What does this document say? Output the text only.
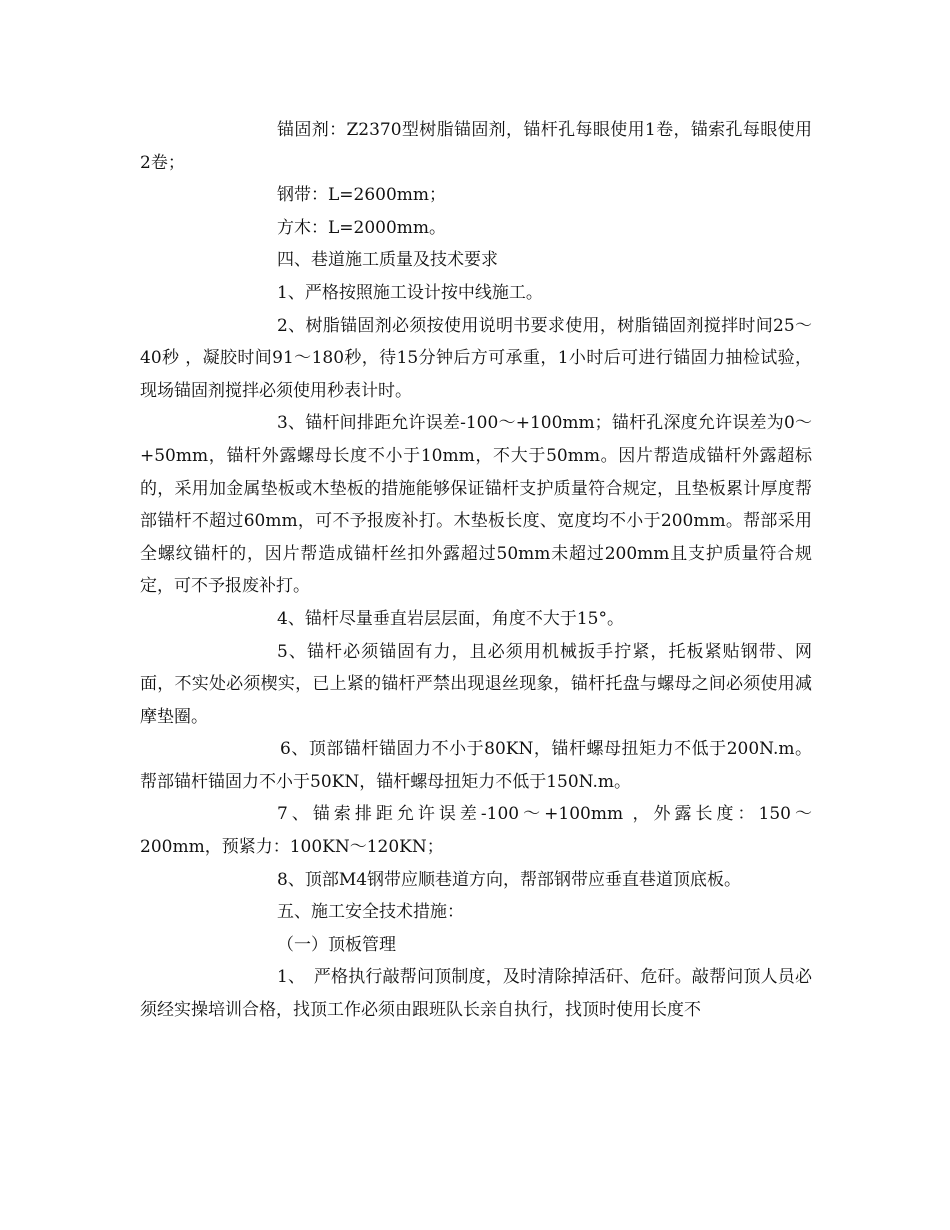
锚固剂：Z2370型树脂锚固剂，锚杆孔每眼使用1卷，锚索孔每眼使用2卷；

钢带：L=2600mm；

方木：L=2000mm。

四、巷道施工质量及技术要求

1、严格按照施工设计按中线施工。

2、树脂锚固剂必须按使用说明书要求使用，树脂锚固剂搅拌时间25～40秒 ，凝胶时间91～180秒，待15分钟后方可承重，1小时后可进行锚固力抽检试验，现场锚固剂搅拌必须使用秒表计时。

3、锚杆间排距允许误差-100～+100mm；锚杆孔深度允许误差为0～+50mm，锚杆外露螺母长度不小于10mm，不大于50mm。因片帮造成锚杆外露超标的，采用加金属垫板或木垫板的措施能够保证锚杆支护质量符合规定，且垫板累计厚度帮部锚杆不超过60mm，可不予报废补打。木垫板长度、宽度均不小于200mm。帮部采用全螺纹锚杆的，因片帮造成锚杆丝扣外露超过50mm未超过200mm且支护质量符合规定，可不予报废补打。

4、锚杆尽量垂直岩层层面，角度不大于15°。

5、锚杆必须锚固有力，且必须用机械扳手拧紧，托板紧贴钢带、网面，不实处必须楔实，已上紧的锚杆严禁出现退丝现象，锚杆托盘与螺母之间必须使用减摩垫圈。

6、顶部锚杆锚固力不小于80KN，锚杆螺母扭矩力不低于200N.m。帮部锚杆锚固力不小于50KN，锚杆螺母扭矩力不低于150N.m。

7、锚索排距允许误差-100～+100mm ，外露长度：150～200mm，预紧力：100KN～120KN；

8、顶部M4钢带应顺巷道方向，帮部钢带应垂直巷道顶底板。

五、施工安全技术措施：

（一）顶板管理

1、　严格执行敲帮问顶制度，及时清除掉活矸、危矸。敲帮问顶人员必须经实操培训合格，找顶工作必须由跟班队长亲自执行，找顶时使用长度不
